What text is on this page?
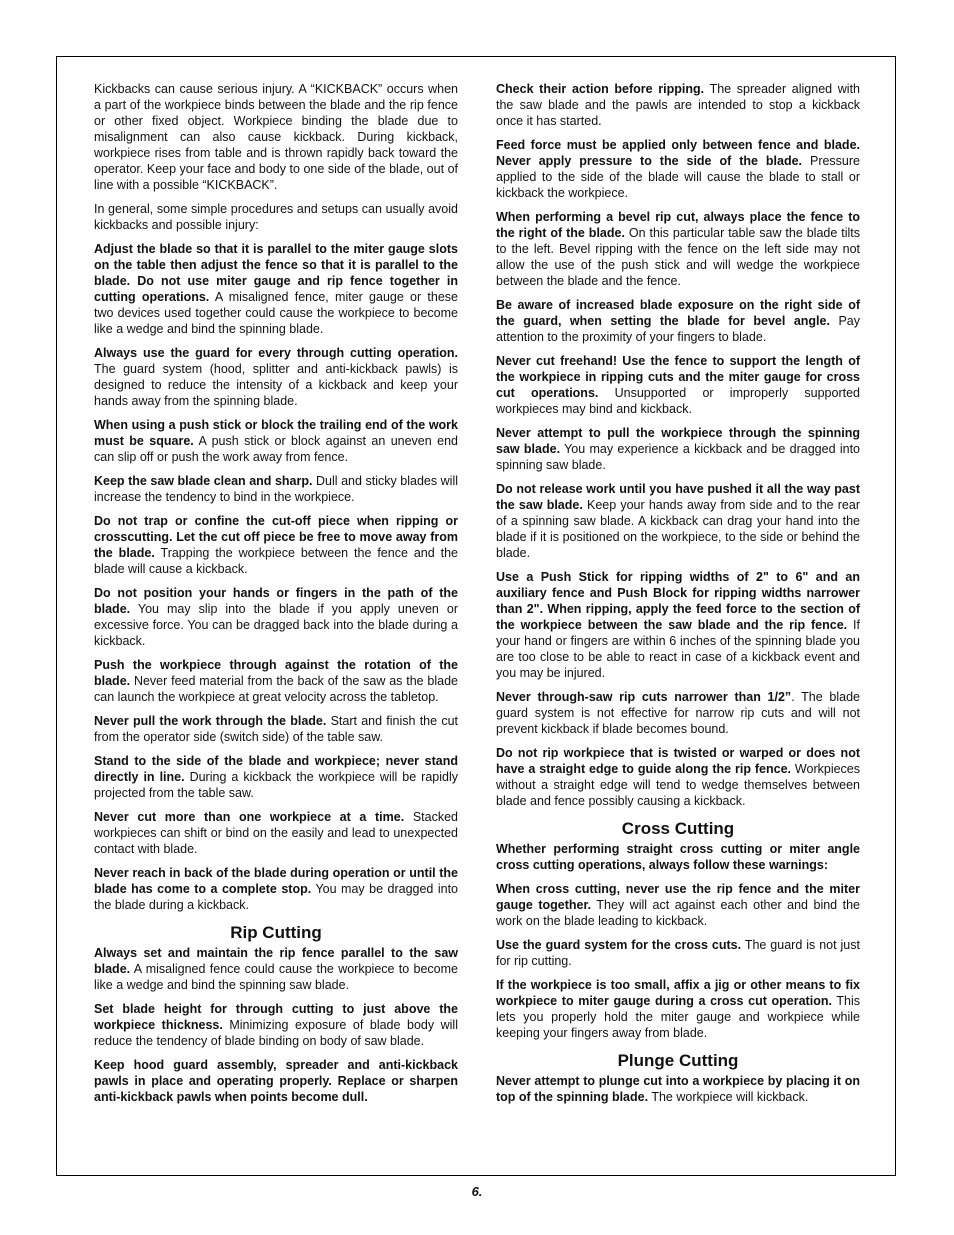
Kickbacks can cause serious injury. A “KICKBACK” occurs when a part of the workpiece binds between the blade and the rip fence or other fixed object. Workpiece binding the blade due to misalignment can also cause kickback. During kickback, workpiece rises from table and is thrown rapidly back toward the operator. Keep your face and body to one side of the blade, out of line with a possible “KICKBACK”.

In general, some simple procedures and setups can usually avoid kickbacks and possible injury:

Adjust the blade so that it is parallel to the miter gauge slots on the table then adjust the fence so that it is parallel to the blade. Do not use miter gauge and rip fence together in cutting operations. A misaligned fence, miter gauge or these two devices used together could cause the workpiece to become like a wedge and bind the spinning blade.

Always use the guard for every through cutting operation. The guard system (hood, splitter and anti-kickback pawls) is designed to reduce the intensity of a kickback and keep your hands away from the spinning blade.

When using a push stick or block the trailing end of the work must be square. A push stick or block against an uneven end can slip off or push the work away from fence.

Keep the saw blade clean and sharp. Dull and sticky blades will increase the tendency to bind in the workpiece.

Do not trap or confine the cut-off piece when ripping or crosscutting. Let the cut off piece be free to move away from the blade. Trapping the workpiece between the fence and the blade will cause a kickback.

Do not position your hands or fingers in the path of the blade. You may slip into the blade if you apply uneven or excessive force. You can be dragged back into the blade during a kickback.

Push the workpiece through against the rotation of the blade. Never feed material from the back of the saw as the blade can launch the workpiece at great velocity across the tabletop.

Never pull the work through the blade. Start and finish the cut from the operator side (switch side) of the table saw.

Stand to the side of the blade and workpiece; never stand directly in line. During a kickback the workpiece will be rapidly projected from the table saw.

Never cut more than one workpiece at a time. Stacked workpieces can shift or bind on the easily and lead to unexpected contact with blade.

Never reach in back of the blade during operation or until the blade has come to a complete stop. You may be dragged into the blade during a kickback.

Rip Cutting

Always set and maintain the rip fence parallel to the saw blade. A misaligned fence could cause the workpiece to become like a wedge and bind the spinning saw blade.

Set blade height for through cutting to just above the workpiece thickness. Minimizing exposure of blade body will reduce the tendency of blade binding on body of saw blade.

Keep hood guard assembly, spreader and anti-kickback pawls in place and operating properly. Replace or sharpen anti-kickback pawls when points become dull.

Check their action before ripping. The spreader aligned with the saw blade and the pawls are intended to stop a kickback once it has started.

Feed force must be applied only between fence and blade. Never apply pressure to the side of the blade. Pressure applied to the side of the blade will cause the blade to stall or kickback the workpiece.

When performing a bevel rip cut, always place the fence to the right of the blade. On this particular table saw the blade tilts to the left. Bevel ripping with the fence on the left side may not allow the use of the push stick and will wedge the workpiece between the blade and the fence.

Be aware of increased blade exposure on the right side of the guard, when setting the blade for bevel angle. Pay attention to the proximity of your fingers to blade.

Never cut freehand! Use the fence to support the length of the workpiece in ripping cuts and the miter gauge for cross cut operations. Unsupported or improperly supported workpieces may bind and kickback.

Never attempt to pull the workpiece through the spinning saw blade. You may experience a kickback and be dragged into spinning saw blade.

Do not release work until you have pushed it all the way past the saw blade. Keep your hands away from side and to the rear of a spinning saw blade. A kickback can drag your hand into the blade if it is positioned on the workpiece, to the side or behind the blade.

Use a Push Stick for ripping widths of 2" to 6" and an auxiliary fence and Push Block for ripping widths narrower than 2". When ripping, apply the feed force to the section of the workpiece between the saw blade and the rip fence. If your hand or fingers are within 6 inches of the spinning blade you are too close to be able to react in case of a kickback event and you may be injured.

Never through-saw rip cuts narrower than 1/2”. The blade guard system is not effective for narrow rip cuts and will not prevent kickback if blade becomes bound.

Do not rip workpiece that is twisted or warped or does not have a straight edge to guide along the rip fence. Workpieces without a straight edge will tend to wedge themselves between blade and fence possibly causing a kickback.

Cross Cutting

Whether performing straight cross cutting or miter angle cross cutting operations, always follow these warnings:

When cross cutting, never use the rip fence and the miter gauge together. They will act against each other and bind the work on the blade leading to kickback.

Use the guard system for the cross cuts. The guard is not just for rip cutting.

If the workpiece is too small, affix a jig or other means to fix workpiece to miter gauge during a cross cut operation. This lets you properly hold the miter gauge and workpiece while keeping your fingers away from blade.

Plunge Cutting

Never attempt to plunge cut into a workpiece by placing it on top of the spinning blade. The workpiece will kickback.

6.
